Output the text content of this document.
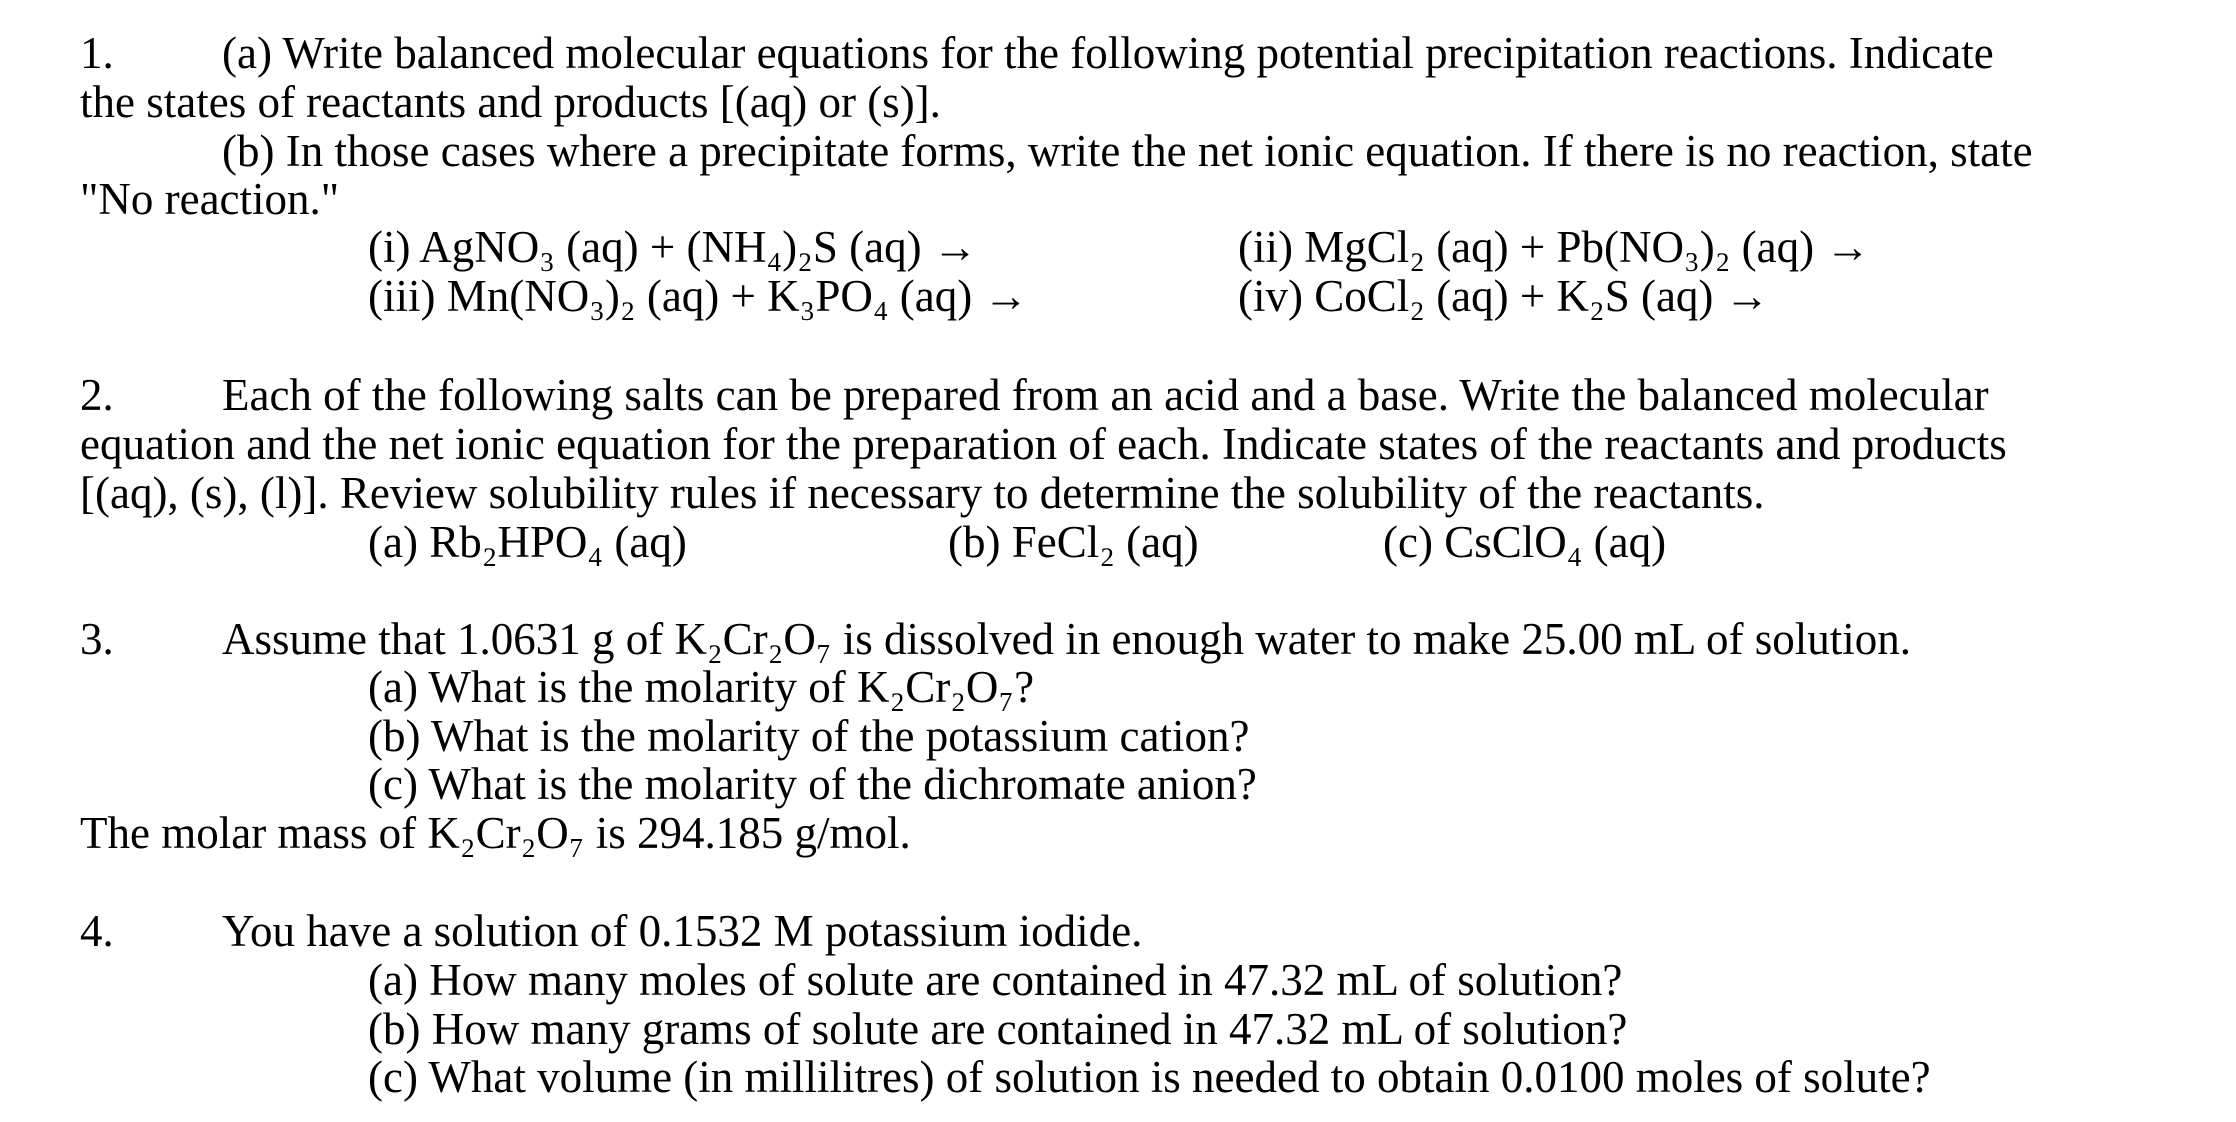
1. (a) Write balanced molecular equations for the following potential precipitation reactions. Indicate
the states of reactants and products [(aq) or (s)].
(b) In those cases where a precipitate forms, write the net ionic equation. If there is no reaction, state
"No reaction."
(i) AgNO₃ (aq) + (NH₄)₂S (aq) →	(ii) MgCl₂ (aq) + Pb(NO₃)₂ (aq) →
(iii) Mn(NO₃)₂ (aq) + K₃PO₄ (aq) →	(iv) CoCl₂ (aq) + K₂S (aq) →
2. Each of the following salts can be prepared from an acid and a base. Write the balanced molecular
equation and the net ionic equation for the preparation of each. Indicate states of the reactants and products
[(aq), (s), (l)]. Review solubility rules if necessary to determine the solubility of the reactants.
(a) Rb₂HPO₄ (aq)	(b) FeCl₂ (aq)	(c) CsClO₄ (aq)
3. Assume that 1.0631 g of K₂Cr₂O₇ is dissolved in enough water to make 25.00 mL of solution.
(a) What is the molarity of K₂Cr₂O₇?
(b) What is the molarity of the potassium cation?
(c) What is the molarity of the dichromate anion?
The molar mass of K₂Cr₂O₇ is 294.185 g/mol.
4. You have a solution of 0.1532 M potassium iodide.
(a) How many moles of solute are contained in 47.32 mL of solution?
(b) How many grams of solute are contained in 47.32 mL of solution?
(c) What volume (in millilitres) of solution is needed to obtain 0.0100 moles of solute?
